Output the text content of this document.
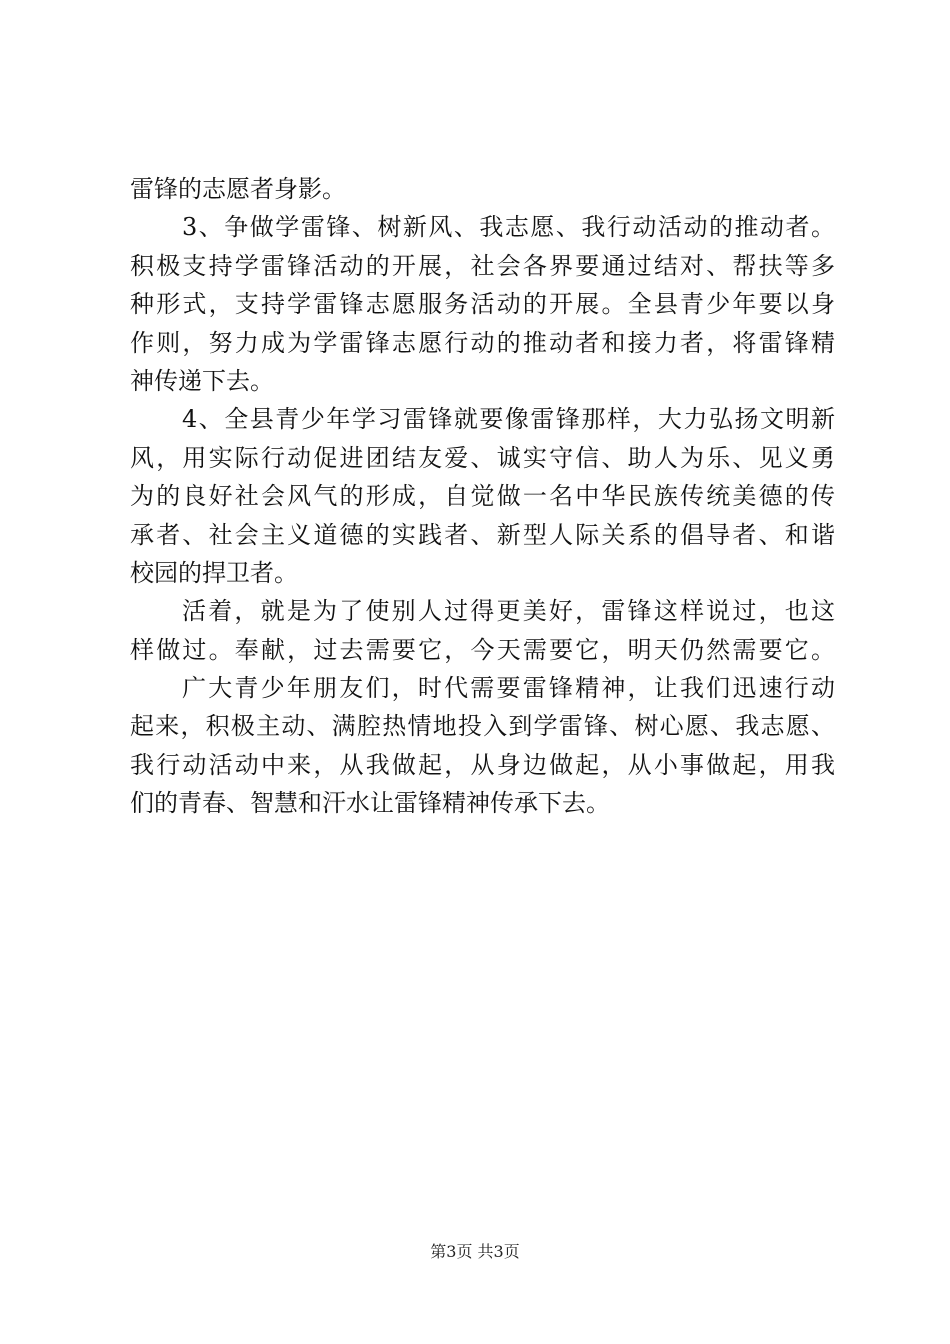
雷锋的志愿者身影。
3、争做学雷锋、树新风、我志愿、我行动活动的推动者。
积极支持学雷锋活动的开展，社会各界要通过结对、帮扶等多
种形式，支持学雷锋志愿服务活动的开展。全县青少年要以身
作则，努力成为学雷锋志愿行动的推动者和接力者，将雷锋精
神传递下去。
4、全县青少年学习雷锋就要像雷锋那样，大力弘扬文明新
风，用实际行动促进团结友爱、诚实守信、助人为乐、见义勇
为的良好社会风气的形成，自觉做一名中华民族传统美德的传
承者、社会主义道德的实践者、新型人际关系的倡导者、和谐
校园的捍卫者。
活着，就是为了使别人过得更美好，雷锋这样说过，也这
样做过。奉献，过去需要它，今天需要它，明天仍然需要它。
广大青少年朋友们，时代需要雷锋精神，让我们迅速行动
起来，积极主动、满腔热情地投入到学雷锋、树心愿、我志愿、
我行动活动中来，从我做起，从身边做起，从小事做起，用我
们的青春、智慧和汗水让雷锋精神传承下去。
第3页 共3页
